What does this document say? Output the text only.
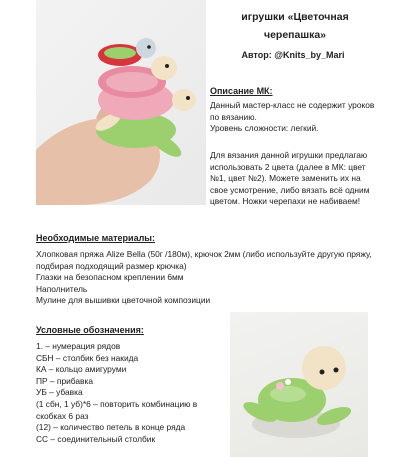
игрушки «Цветочная
черепашка»
Автор: @Knits_by_Mari
Описание МК:
Данный мастер-класс не содержит уроков
по вязанию.
Уровень сложности: легкий.
Для вязания данной игрушки предлагаю
использовать 2 цвета (далее в МК: цвет
№1, цвет №2). Можете заменить их на
свое усмотрение, либо вязать всё одним
цветом. Ножки черепахи не набиваем!
Необходимые материалы:
Хлопковая пряжа Alize Bella (50г /180м), крючок 2мм (либо используйте другую пряжу,
подбирая подходящий размер крючка)
Глазки на безопасном креплении 6мм
Наполнитель
Мулине для вышивки цветочной композиции
Условные обозначения:
1. – нумерация рядов
СБН – столбик без накида
КА – кольцо амигуруми
ПР – прибавка
УБ – убавка
(1 сбн, 1 уб)*6 – повторить комбинацию в
скобках 6 раз
(12) – количество петель в конце ряда
СС – соединительный столбик
